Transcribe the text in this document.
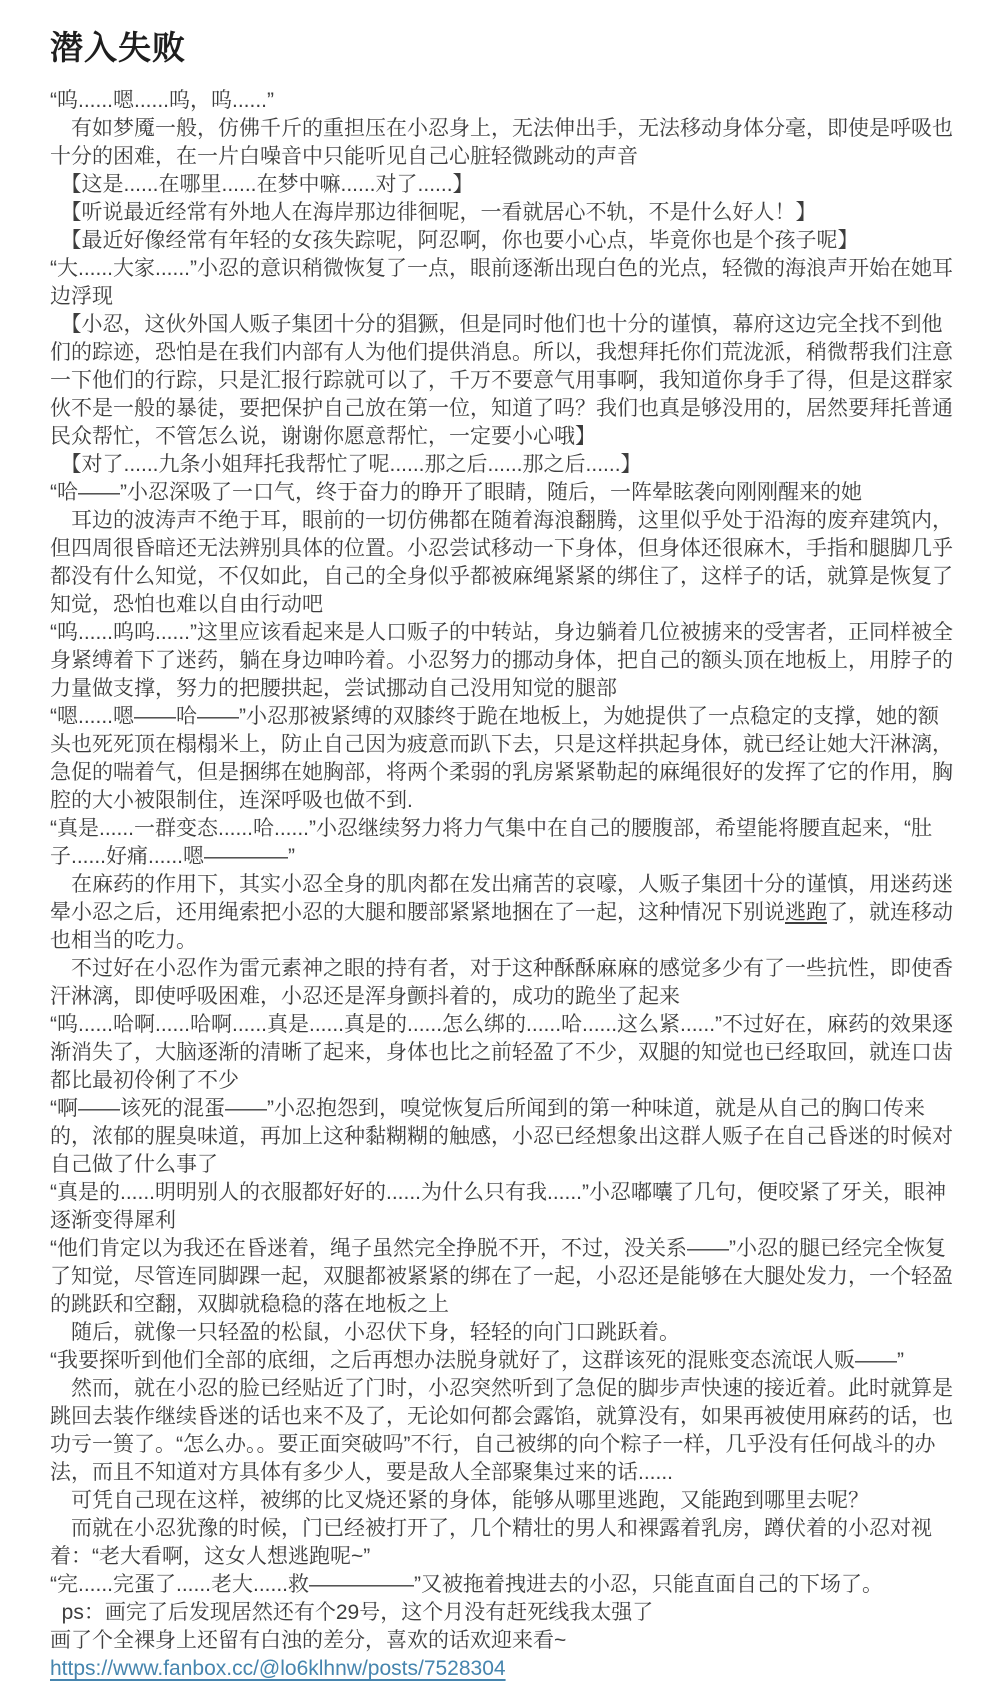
潜入失败

“呜......嗯......呜，呜......”

　有如梦魇一般，仿佛千斤的重担压在小忍身上，无法伸出手，无法移动身体分毫，即使是呼吸也十分的困难，在一片白噪音中只能听见自己心脏轻微跳动的声音

　【这是......在哪里......在梦中嘛......对了......】

　【听说最近经常有外地人在海岸那边徘徊呢，一看就居心不轨，不是什么好人！】

　【最近好像经常有年轻的女孩失踪呢，阿忍啊，你也要小心点，毕竟你也是个孩子呢】

“大......大家......”小忍的意识稍微恢复了一点，眼前逐渐出现白色的光点，轻微的海浪声开始在她耳边浮现

　【小忍，这伙外国人贩子集团十分的猖獗，但是同时他们也十分的谨慎，幕府这边完全找不到他们的踪迹，恐怕是在我们内部有人为他们提供消息。所以，我想拜托你们荒泷派，稍微帮我们注意一下他们的行踪，只是汇报行踪就可以了，千万不要意气用事啊，我知道你身手了得，但是这群家伙不是一般的暴徒，要把保护自己放在第一位，知道了吗？我们也真是够没用的，居然要拜托普通民众帮忙，不管怎么说，谢谢你愿意帮忙，一定要小心哦】

　【对了......九条小姐拜托我帮忙了呢......那之后......那之后......】

“哈——”小忍深吸了一口气，终于奋力的睁开了眼睛，随后，一阵晕眩袭向刚刚醒来的她

　耳边的波涛声不绝于耳，眼前的一切仿佛都在随着海浪翻腾，这里似乎处于沿海的废弃建筑内，但四周很昏暗还无法辨别具体的位置。小忍尝试移动一下身体，但身体还很麻木，手指和腿脚几乎都没有什么知觉，不仅如此，自己的全身似乎都被麻绳紧紧的绑住了，这样子的话，就算是恢复了知觉，恐怕也难以自由行动吧

“呜......呜呜......”这里应该看起来是人口贩子的中转站，身边躺着几位被掳来的受害者，正同样被全身紧缚着下了迷药，躺在身边呻吟着。小忍努力的挪动身体，把自己的额头顶在地板上，用脖子的力量做支撑，努力的把腰拱起，尝试挪动自己没用知觉的腿部

“嗯......嗯——哈——”小忍那被紧缚的双膝终于跪在地板上，为她提供了一点稳定的支撑，她的额头也死死顶在榻榻米上，防止自己因为疲意而趴下去，只是这样拱起身体，就已经让她大汗淋漓，急促的喘着气，但是捆绑在她胸部，将两个柔弱的乳房紧紧勒起的麻绳很好的发挥了它的作用，胸腔的大小被限制住，连深呼吸也做不到.

“真是......一群变态......哈......”小忍继续努力将力气集中在自己的腰腹部，希望能将腰直起来，“肚子......好痛......嗯————”

　在麻药的作用下，其实小忍全身的肌肉都在发出痛苦的哀嚎，人贩子集团十分的谨慎，用迷药迷晕小忍之后，还用绳索把小忍的大腿和腰部紧紧地捆在了一起，这种情况下别说逃跑了，就连移动也相当的吃力。

　不过好在小忍作为雷元素神之眼的持有者，对于这种酥酥麻麻的感觉多少有了一些抗性，即使香汗淋漓，即使呼吸困难，小忍还是浑身颤抖着的，成功的跪坐了起来

“呜......哈啊......哈啊......真是......真是的......怎么绑的......哈......这么紧......”不过好在，麻药的效果逐渐消失了，大脑逐渐的清晰了起来，身体也比之前轻盈了不少，双腿的知觉也已经取回，就连口齿都比最初伶俐了不少

“啊——该死的混蛋——”小忍抱怨到，嗅觉恢复后所闻到的第一种味道，就是从自己的胸口传来的，浓郁的腥臭味道，再加上这种黏糊糊的触感，小忍已经想象出这群人贩子在自己昏迷的时候对自己做了什么事了

“真是的......明明别人的衣服都好好的......为什么只有我......”小忍嘟囔了几句，便咬紧了牙关，眼神逐渐变得犀利

“他们肯定以为我还在昏迷着，绳子虽然完全挣脱不开，不过，没关系——”小忍的腿已经完全恢复了知觉，尽管连同脚踝一起，双腿都被紧紧的绑在了一起，小忍还是能够在大腿处发力，一个轻盈的跳跃和空翻，双脚就稳稳的落在地板之上

　随后，就像一只轻盈的松鼠，小忍伏下身，轻轻的向门口跳跃着。

“我要探听到他们全部的底细，之后再想办法脱身就好了，这群该死的混账变态流氓人贩——”

　然而，就在小忍的脸已经贴近了门时，小忍突然听到了急促的脚步声快速的接近着。此时就算是跳回去装作继续昏迷的话也来不及了，无论如何都会露馅，就算没有，如果再被使用麻药的话，也功亏一篑了。“怎么办。。要正面突破吗”不行，自己被绑的向个粽子一样，几乎没有任何战斗的办法，而且不知道对方具体有多少人，要是敌人全部聚集过来的话......

　可凭自己现在这样，被绑的比叉烧还紧的身体，能够从哪里逃跑，又能跑到哪里去呢？

　而就在小忍犹豫的时候，门已经被打开了，几个精壮的男人和裸露着乳房，蹲伏着的小忍对视着：“老大看啊，这女人想逃跑呢~”

“完......完蛋了......老大......救—————”又被拖着拽进去的小忍，只能直面自己的下场了。

ps：画完了后发现居然还有个29号，这个月没有赶死线我太强了

画了个全裸身上还留有白浊的差分，喜欢的话欢迎来看~

https://www.fanbox.cc/@lo6klhnw/posts/7528304
